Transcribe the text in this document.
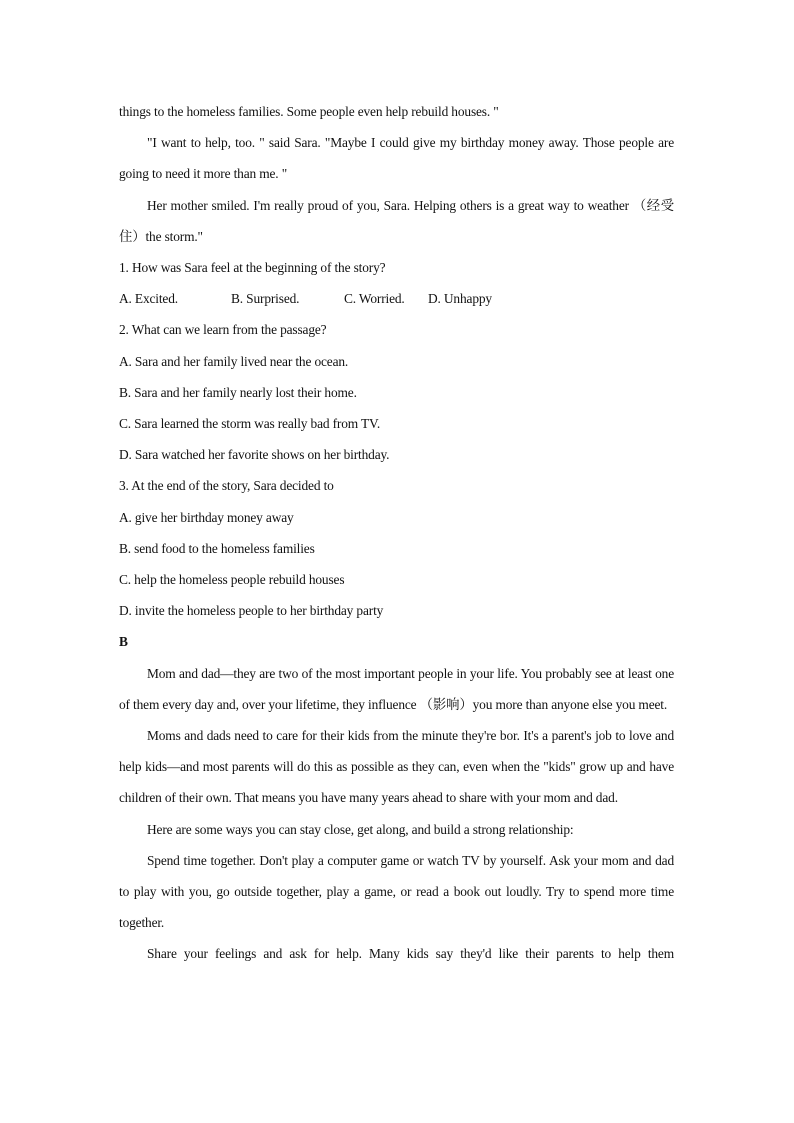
things to the homeless families. Some people even help rebuild houses. "

"I want to help, too. " said Sara. "Maybe I could give my birthday money away. Those people are going to need it more than me. "

Her mother smiled. I'm really proud of you, Sara. Helping others is a great way to weather （经受住）the storm."

1. How was Sara feel at the beginning of the story?

A. Excited.	B. Surprised.	C. Worried.	D. Unhappy

2. What can we learn from the passage?

A. Sara and her family lived near the ocean.

B. Sara and her family nearly lost their home.

C. Sara learned the storm was really bad from TV.

D. Sara watched her favorite shows on her birthday.

3. At the end of the story, Sara decided to

A. give her birthday money away

B. send food to the homeless families

C. help the homeless people rebuild houses

D. invite the homeless people to her birthday party

B

Mom and dad—they are two of the most important people in your life. You probably see at least one of them every day and, over your lifetime, they influence （影响）you more than anyone else you meet.

Moms and dads need to care for their kids from the minute they're bor. It's a parent's job to love and help kids—and most parents will do this as possible as they can, even when the "kids" grow up and have children of their own. That means you have many years ahead to share with your mom and dad.

Here are some ways you can stay close, get along, and build a strong relationship:

Spend time together. Don't play a computer game or watch TV by yourself. Ask your mom and dad to play with you, go outside together, play a game, or read a book out loudly. Try to spend more time together.

Share your feelings and ask for help. Many kids say they'd like their parents to help them
